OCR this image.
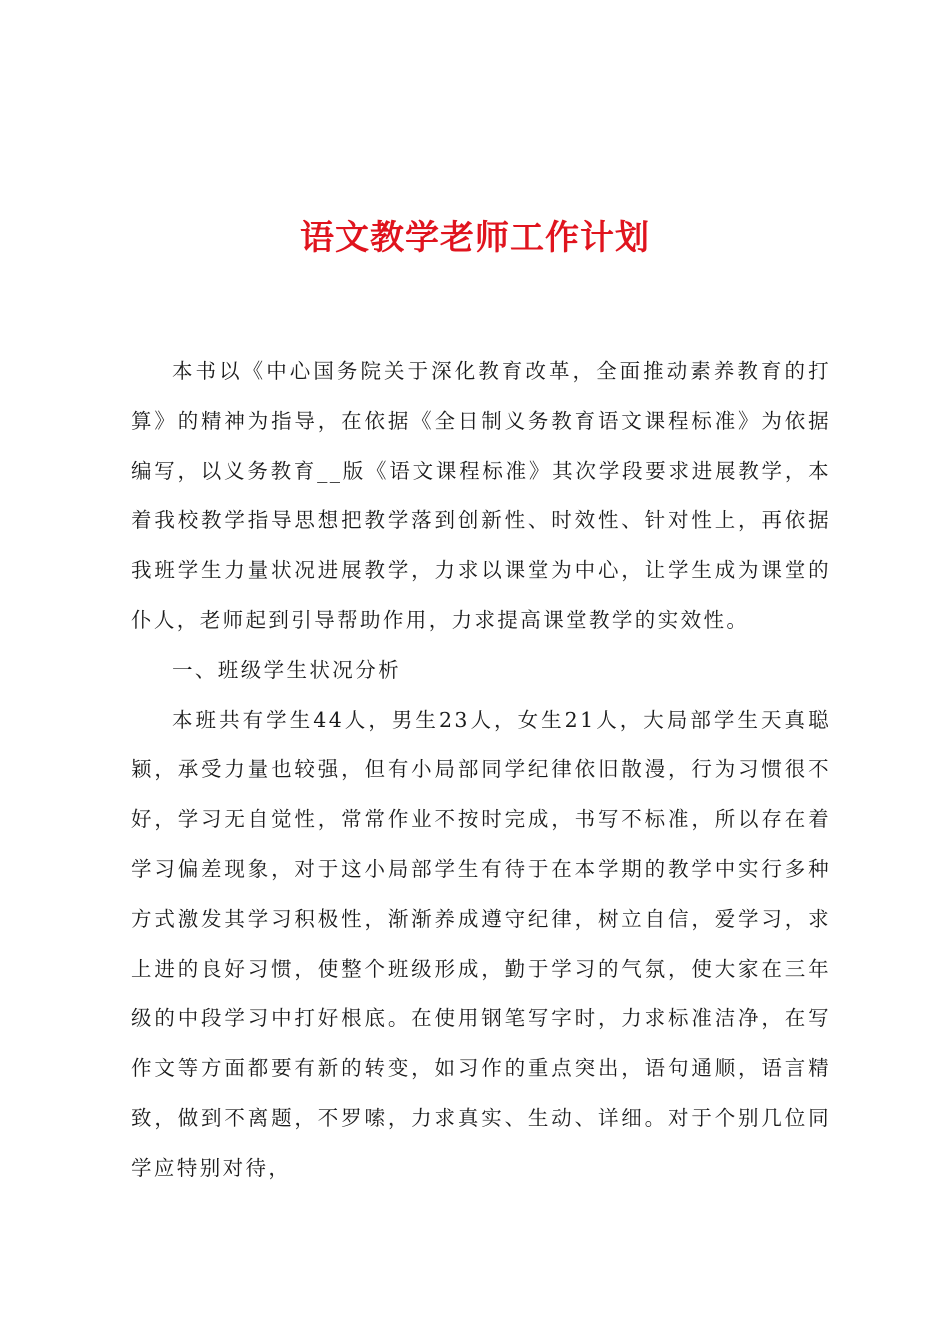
语文教学老师工作计划

本书以《中心国务院关于深化教育改革，全面推动素养教育的打算》的精神为指导，在依据《全日制义务教育语文课程标准》为依据编写，以义务教育__版《语文课程标准》其次学段要求进展教学，本着我校教学指导思想把教学落到创新性、时效性、针对性上，再依据我班学生力量状况进展教学，力求以课堂为中心，让学生成为课堂的仆人，老师起到引导帮助作用，力求提高课堂教学的实效性。

一、班级学生状况分析

本班共有学生44人，男生23人，女生21人，大局部学生天真聪颖，承受力量也较强，但有小局部同学纪律依旧散漫，行为习惯很不好，学习无自觉性，常常作业不按时完成，书写不标准，所以存在着学习偏差现象，对于这小局部学生有待于在本学期的教学中实行多种方式激发其学习积极性，渐渐养成遵守纪律，树立自信，爱学习，求上进的良好习惯，使整个班级形成，勤于学习的气氛，使大家在三年级的中段学习中打好根底。在使用钢笔写字时，力求标准洁净，在写作文等方面都要有新的转变，如习作的重点突出，语句通顺，语言精致，做到不离题，不罗嗦，力求真实、生动、详细。对于个别几位同学应特别对待，
